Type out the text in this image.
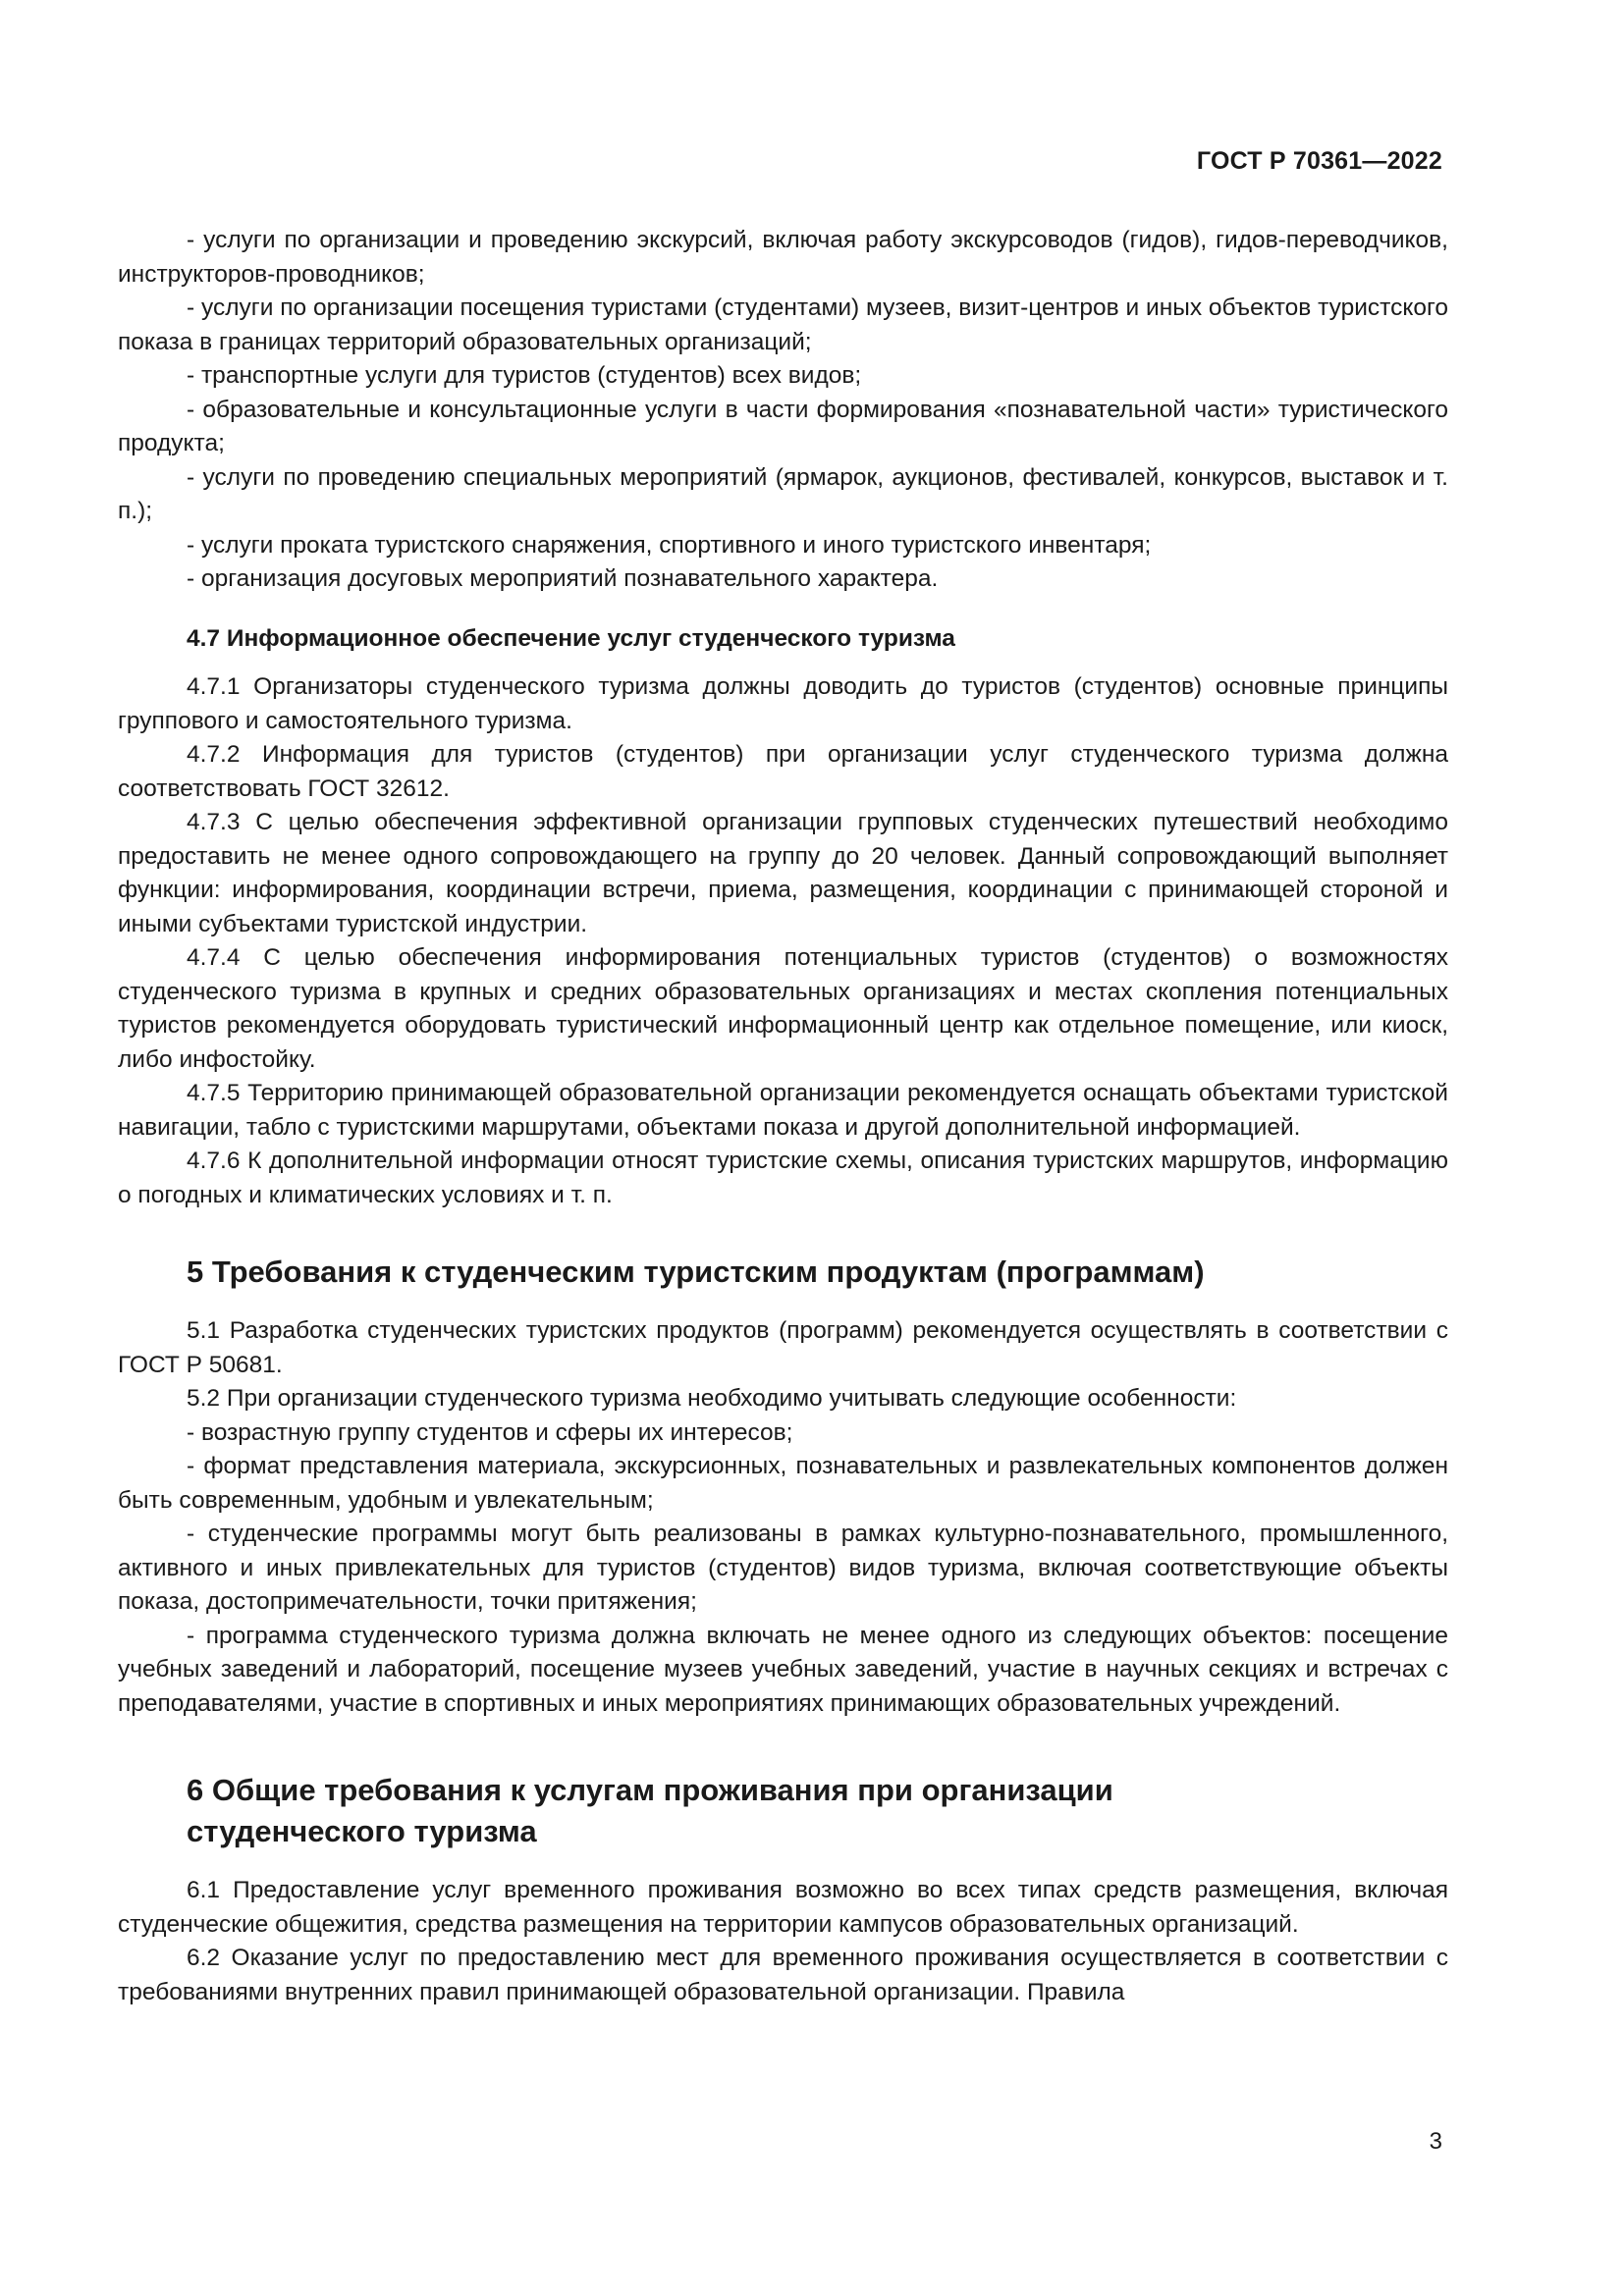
ГОСТ Р 70361—2022

- услуги по организации и проведению экскурсий, включая работу экскурсоводов (гидов), гидов-переводчиков, инструкторов-проводников;

- услуги по организации посещения туристами (студентами) музеев, визит-центров и иных объектов туристского показа в границах территорий образовательных организаций;

- транспортные услуги для туристов (студентов) всех видов;

- образовательные и консультационные услуги в части формирования «познавательной части» туристического продукта;

- услуги по проведению специальных мероприятий (ярмарок, аукционов, фестивалей, конкурсов, выставок и т. п.);

- услуги проката туристского снаряжения, спортивного и иного туристского инвентаря;

- организация досуговых мероприятий познавательного характера.

4.7 Информационное обеспечение услуг студенческого туризма

4.7.1 Организаторы студенческого туризма должны доводить до туристов (студентов) основные принципы группового и самостоятельного туризма.

4.7.2 Информация для туристов (студентов) при организации услуг студенческого туризма должна соответствовать ГОСТ 32612.

4.7.3 С целью обеспечения эффективной организации групповых студенческих путешествий необходимо предоставить не менее одного сопровождающего на группу до 20 человек. Данный сопровождающий выполняет функции: информирования, координации встречи, приема, размещения, координации с принимающей стороной и иными субъектами туристской индустрии.

4.7.4 С целью обеспечения информирования потенциальных туристов (студентов) о возможностях студенческого туризма в крупных и средних образовательных организациях и местах скопления потенциальных туристов рекомендуется оборудовать туристический информационный центр как отдельное помещение, или киоск, либо инфостойку.

4.7.5 Территорию принимающей образовательной организации рекомендуется оснащать объектами туристской навигации, табло с туристскими маршрутами, объектами показа и другой дополнительной информацией.

4.7.6 К дополнительной информации относят туристские схемы, описания туристских маршрутов, информацию о погодных и климатических условиях и т. п.

5 Требования к студенческим туристским продуктам (программам)

5.1 Разработка студенческих туристских продуктов (программ) рекомендуется осуществлять в соответствии с ГОСТ Р 50681.

5.2 При организации студенческого туризма необходимо учитывать следующие особенности:

- возрастную группу студентов и сферы их интересов;

- формат представления материала, экскурсионных, познавательных и развлекательных компонентов должен быть современным, удобным и увлекательным;

- студенческие программы могут быть реализованы в рамках культурно-познавательного, промышленного, активного и иных привлекательных для туристов (студентов) видов туризма, включая соответствующие объекты показа, достопримечательности, точки притяжения;

- программа студенческого туризма должна включать не менее одного из следующих объектов: посещение учебных заведений и лабораторий, посещение музеев учебных заведений, участие в научных секциях и встречах с преподавателями, участие в спортивных и иных мероприятиях принимающих образовательных учреждений.

6 Общие требования к услугам проживания при организации
студенческого туризма

6.1 Предоставление услуг временного проживания возможно во всех типах средств размещения, включая студенческие общежития, средства размещения на территории кампусов образовательных организаций.

6.2 Оказание услуг по предоставлению мест для временного проживания осуществляется в соответствии с требованиями внутренних правил принимающей образовательной организации. Правила

3
